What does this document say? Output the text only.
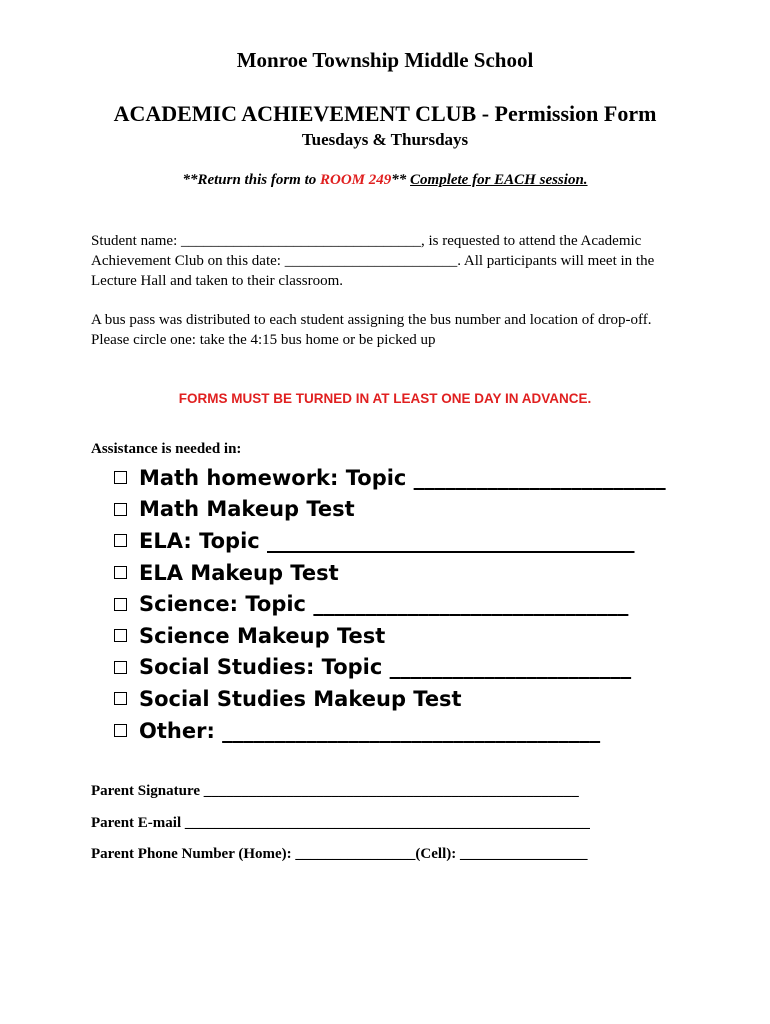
Monroe Township Middle School
ACADEMIC ACHIEVEMENT CLUB - Permission Form
Tuesdays & Thursdays
**Return this form to ROOM 249** Complete for EACH session.
Student name: ________________________________, is requested to attend the Academic Achievement Club on this date: _______________________. All participants will meet in the Lecture Hall and taken to their classroom.
A bus pass was distributed to each student assigning the bus number and location of drop-off. Please circle one: take the 4:15 bus home or be picked up
FORMS MUST BE TURNED IN AT LEAST ONE DAY IN ADVANCE.
Assistance is needed in:
Math homework: Topic ________________________
Math Makeup Test
ELA: Topic ___________________________________
ELA Makeup Test
Science: Topic ______________________________
Science Makeup Test
Social Studies: Topic _______________________
Social Studies Makeup Test
Other: ____________________________________
Parent Signature __________________________________________________
Parent E-mail ______________________________________________________
Parent Phone Number (Home): ________________(Cell): _________________
